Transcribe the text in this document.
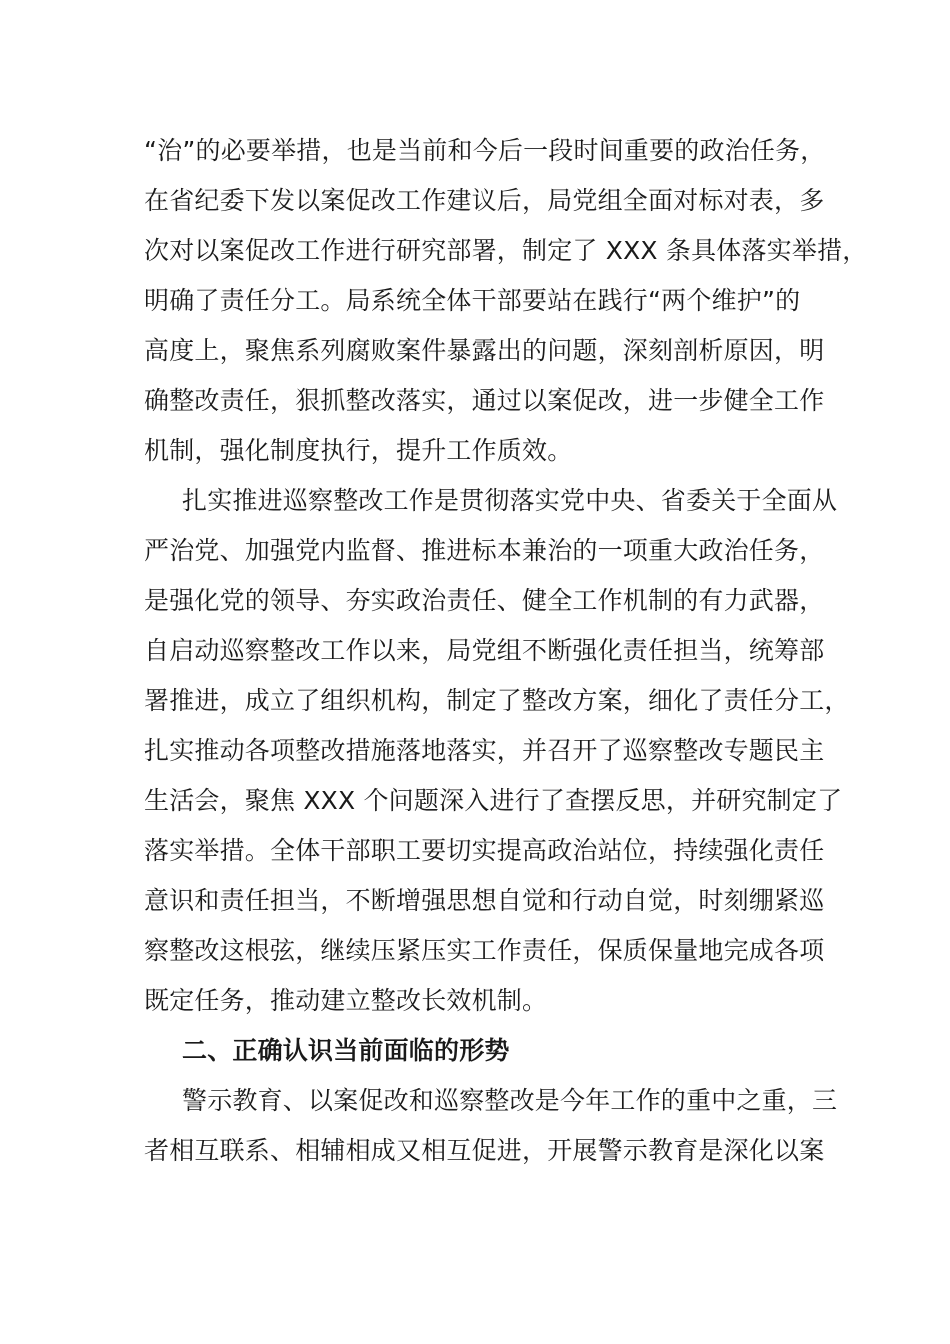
“治”的必要举措，也是当前和今后一段时间重要的政治任务，
在省纪委下发以案促改工作建议后，局党组全面对标对表，多
次对以案促改工作进行研究部署，制定了 XXX 条具体落实举措，
明确了责任分工。局系统全体干部要站在践行“两个维护”的
高度上，聚焦系列腐败案件暴露出的问题，深刻剖析原因，明
确整改责任，狠抓整改落实，通过以案促改，进一步健全工作
机制，强化制度执行，提升工作质效。
扎实推进巡察整改工作是贯彻落实党中央、省委关于全面从
严治党、加强党内监督、推进标本兼治的一项重大政治任务，
是强化党的领导、夯实政治责任、健全工作机制的有力武器，
自启动巡察整改工作以来，局党组不断强化责任担当，统筹部
署推进，成立了组织机构，制定了整改方案，细化了责任分工，
扎实推动各项整改措施落地落实，并召开了巡察整改专题民主
生活会，聚焦 XXX 个问题深入进行了查摆反思，并研究制定了
落实举措。全体干部职工要切实提高政治站位，持续强化责任
意识和责任担当，不断增强思想自觉和行动自觉，时刻绷紧巡
察整改这根弦，继续压紧压实工作责任，保质保量地完成各项
既定任务，推动建立整改长效机制。
二、正确认识当前面临的形势
警示教育、以案促改和巡察整改是今年工作的重中之重，三
者相互联系、相辅相成又相互促进，开展警示教育是深化以案
